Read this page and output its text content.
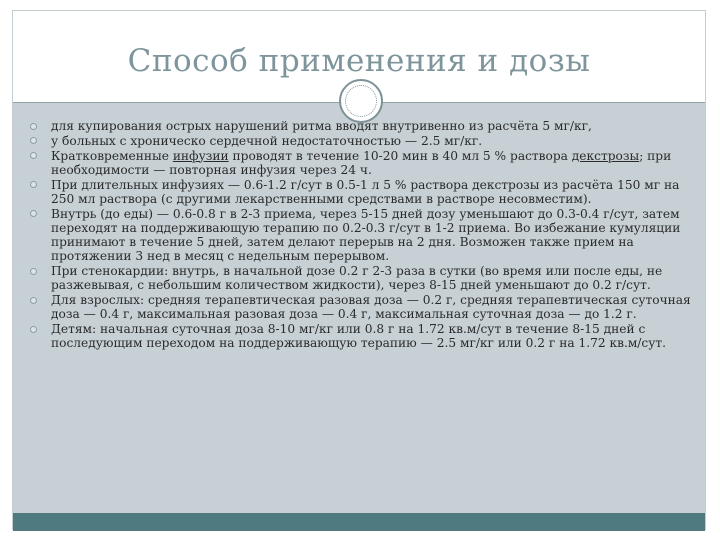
Способ применения и дозы
для купирования острых нарушений ритма вводят внутривенно из расчёта 5 мг/кг,
у больных с хроническо сердечной недостаточностью — 2.5 мг/кг.
Кратковременные инфузии проводят в течение 10-20 мин в 40 мл 5 % раствора декстрозы; при необходимости — повторная инфузия через 24 ч.
При длительных инфузиях — 0.6-1.2 г/сут в 0.5-1 л 5 % раствора декстрозы из расчёта 150 мг на 250 мл раствора (с другими лекарственными средствами в растворе несовместим).
Внутрь (до еды) — 0.6-0.8 г в 2-3 приема, через 5-15 дней дозу уменьшают до 0.3-0.4 г/сут, затем переходят на поддерживающую терапию по 0.2-0.3 г/сут в 1-2 приема. Во избежание кумуляции принимают в течение 5 дней, затем делают перерыв на 2 дня. Возможен также прием на протяжении 3 нед в месяц с недельным перерывом.
При стенокардии: внутрь, в начальной дозе 0.2 г 2-3 раза в сутки (во время или после еды, не разжевывая, с небольшим количеством жидкости), через 8-15 дней уменьшают до 0.2 г/сут.
Для взрослых: средняя терапевтическая разовая доза — 0.2 г, средняя терапевтическая суточная доза — 0.4 г, максимальная разовая доза — 0.4 г, максимальная суточная доза — до 1.2 г.
Детям: начальная суточная доза 8-10 мг/кг или 0.8 г на 1.72 кв.м/сут в течение 8-15 дней с последующим переходом на поддерживающую терапию — 2.5 мг/кг или 0.2 г на 1.72 кв.м/сут.
